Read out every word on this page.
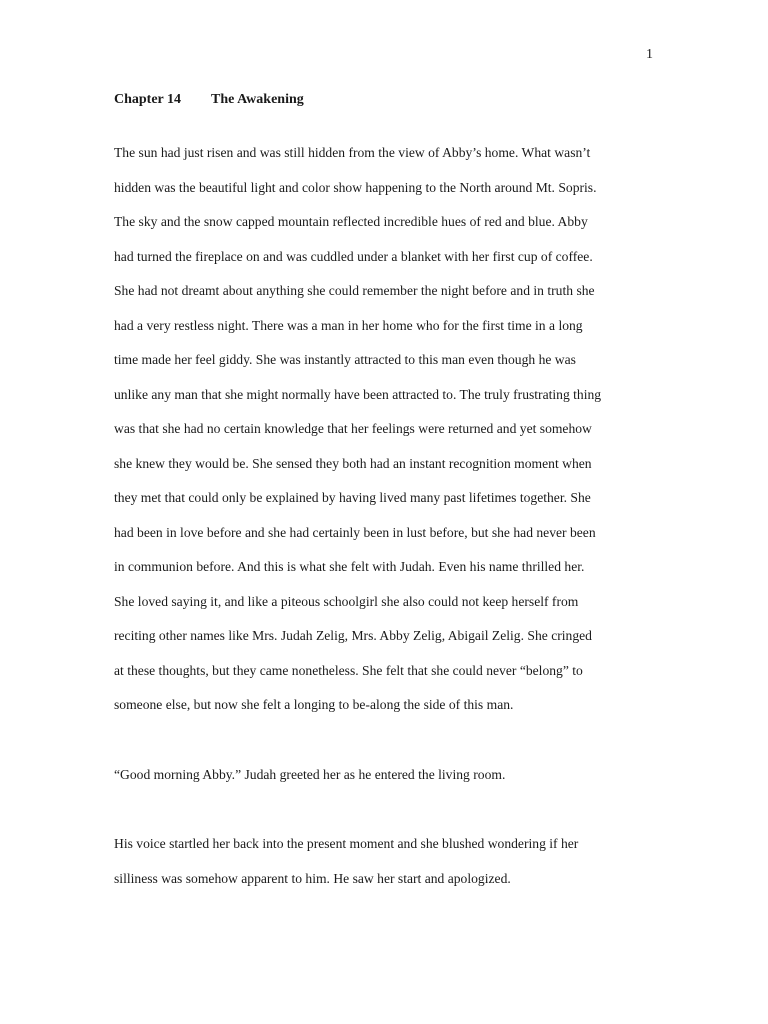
1
Chapter 14 The Awakening
The sun had just risen and was still hidden from the view of Abby’s home. What wasn’t
hidden was the beautiful light and color show happening to the North around Mt. Sopris.
The sky and the snow capped mountain reflected incredible hues of red and blue. Abby
had turned the fireplace on and was cuddled under a blanket with her first cup of coffee.
She had not dreamt about anything she could remember the night before and in truth she
had a very restless night. There was a man in her home who for the first time in a long
time made her feel giddy. She was instantly attracted to this man even though he was
unlike any man that she might normally have been attracted to. The truly frustrating thing
was that she had no certain knowledge that her feelings were returned and yet somehow
she knew they would be. She sensed they both had an instant recognition moment when
they met that could only be explained by having lived many past lifetimes together. She
had been in love before and she had certainly been in lust before, but she had never been
in communion before. And this is what she felt with Judah. Even his name thrilled her.
She loved saying it, and like a piteous schoolgirl she also could not keep herself from
reciting other names like Mrs. Judah Zelig, Mrs. Abby Zelig, Abigail Zelig. She cringed
at these thoughts, but they came nonetheless. She felt that she could never “belong” to
someone else, but now she felt a longing to be-along the side of this man.
“Good morning Abby.” Judah greeted her as he entered the living room.
His voice startled her back into the present moment and she blushed wondering if her
silliness was somehow apparent to him. He saw her start and apologized.
